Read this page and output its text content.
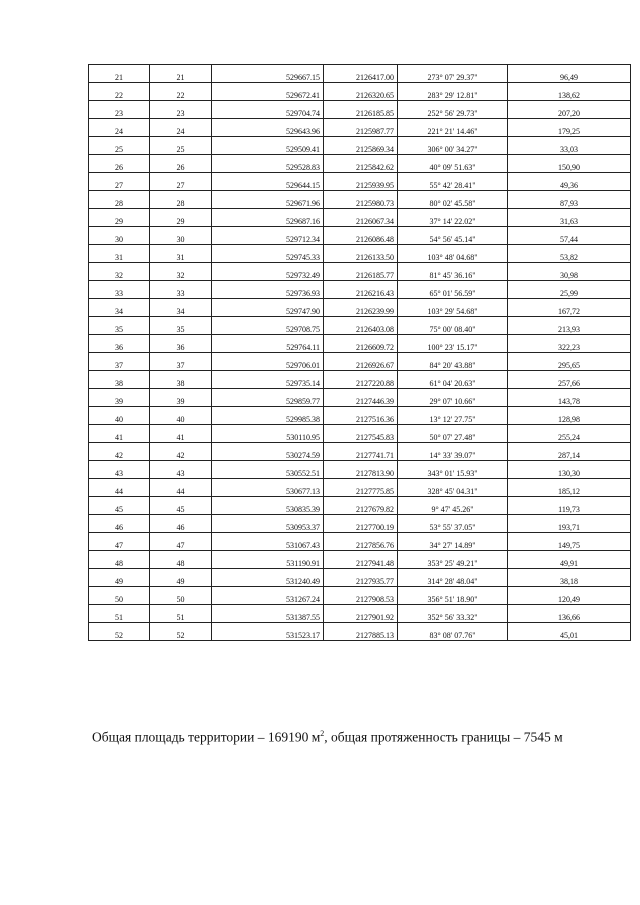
21	21	529667.15	2126417.00	273° 07' 29.37"	96,49
22	22	529672.41	2126320.65	283° 29' 12.81"	138,62
23	23	529704.74	2126185.85	252° 56' 29.73"	207,20
24	24	529643.96	2125987.77	221° 21' 14.46"	179,25
25	25	529509.41	2125869.34	306° 00' 34.27"	33,03
26	26	529528.83	2125842.62	40° 09' 51.63"	150,90
27	27	529644.15	2125939.95	55° 42' 28.41"	49,36
28	28	529671.96	2125980.73	80° 02' 45.58"	87,93
29	29	529687.16	2126067.34	37° 14' 22.02"	31,63
30	30	529712.34	2126086.48	54° 56' 45.14"	57,44
31	31	529745.33	2126133.50	103° 48' 04.68"	53,82
32	32	529732.49	2126185.77	81° 45' 36.16"	30,98
33	33	529736.93	2126216.43	65° 01' 56.59"	25,99
34	34	529747.90	2126239.99	103° 29' 54.68"	167,72
35	35	529708.75	2126403.08	75° 00' 08.40"	213,93
36	36	529764.11	2126609.72	100° 23' 15.17"	322,23
37	37	529706.01	2126926.67	84° 20' 43.88"	295,65
38	38	529735.14	2127220.88	61° 04' 20.63"	257,66
39	39	529859.77	2127446.39	29° 07' 10.66"	143,78
40	40	529985.38	2127516.36	13° 12' 27.75"	128,98
41	41	530110.95	2127545.83	50° 07' 27.48"	255,24
42	42	530274.59	2127741.71	14° 33' 39.07"	287,14
43	43	530552.51	2127813.90	343° 01' 15.93"	130,30
44	44	530677.13	2127775.85	328° 45' 04.31"	185,12
45	45	530835.39	2127679.82	9° 47' 45.26"	119,73
46	46	530953.37	2127700.19	53° 55' 37.05"	193,71
47	47	531067.43	2127856.76	34° 27' 14.89"	149,75
48	48	531190.91	2127941.48	353° 25' 49.21"	49,91
49	49	531240.49	2127935.77	314° 28' 48.04"	38,18
50	50	531267.24	2127908.53	356° 51' 18.90"	120,49
51	51	531387.55	2127901.92	352° 56' 33.32"	136,66
52	52	531523.17	2127885.13	83° 08' 07.76"	45,01
Общая площадь территории – 169190 $м^2$, общая протяженность границы – 7545 м
